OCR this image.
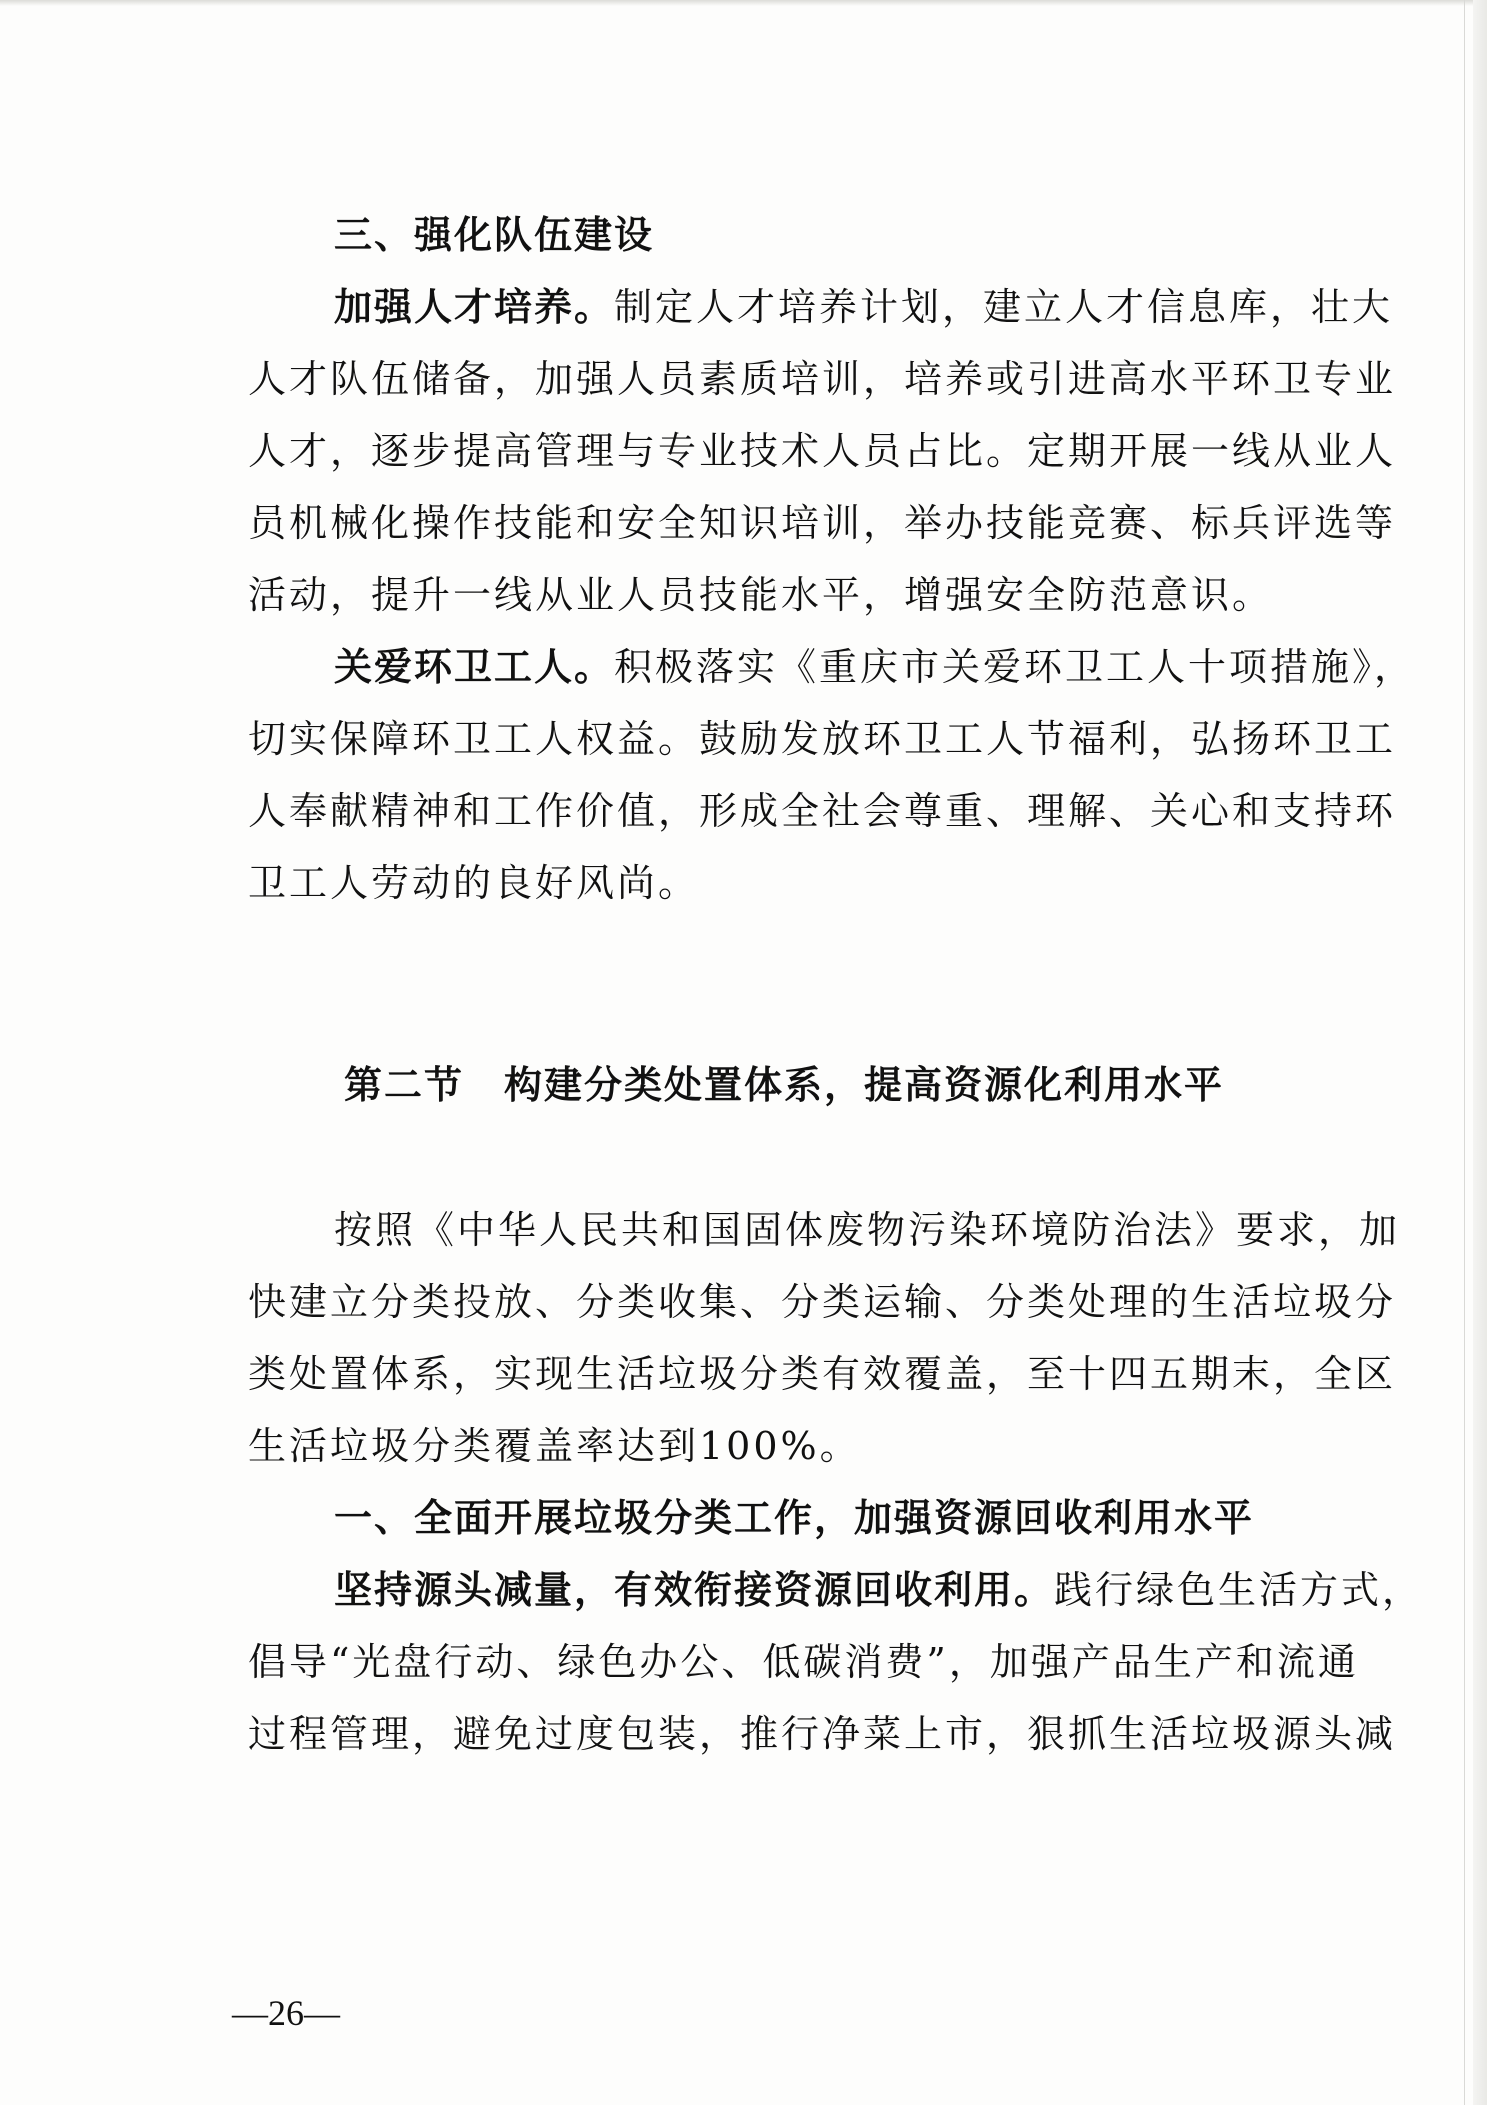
三、强化队伍建设
加强人才培养。制定人才培养计划，建立人才信息库，壮大
人才队伍储备，加强人员素质培训，培养或引进高水平环卫专业
人才，逐步提高管理与专业技术人员占比。定期开展一线从业人
员机械化操作技能和安全知识培训，举办技能竞赛、标兵评选等
活动，提升一线从业人员技能水平，增强安全防范意识。
关爱环卫工人。积极落实《重庆市关爱环卫工人十项措施》，
切实保障环卫工人权益。鼓励发放环卫工人节福利，弘扬环卫工
人奉献精神和工作价值，形成全社会尊重、理解、关心和支持环
卫工人劳动的良好风尚。
第二节 构建分类处置体系，提高资源化利用水平
按照《中华人民共和国固体废物污染环境防治法》要求，加
快建立分类投放、分类收集、分类运输、分类处理的生活垃圾分
类处置体系，实现生活垃圾分类有效覆盖，至十四五期末，全区
生活垃圾分类覆盖率达到100%。
一、全面开展垃圾分类工作，加强资源回收利用水平
坚持源头减量，有效衔接资源回收利用。践行绿色生活方式，
倡导“光盘行动、绿色办公、低碳消费”，加强产品生产和流通
过程管理，避免过度包装，推行净菜上市，狠抓生活垃圾源头减
—26—
